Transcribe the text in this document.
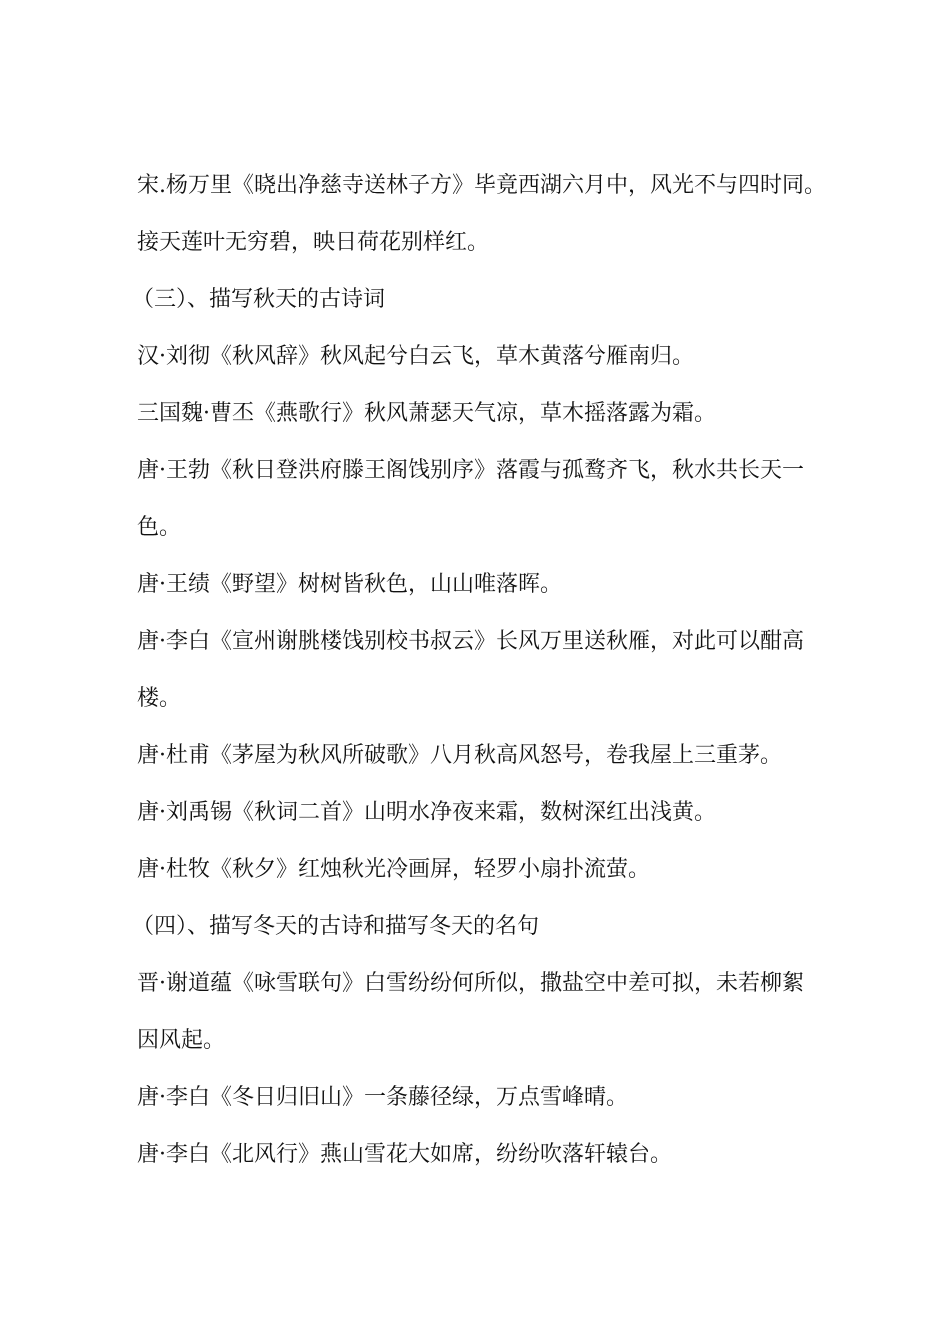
宋.杨万里《晓出净慈寺送林子方》毕竟西湖六月中，风光不与四时同。
接天莲叶无穷碧，映日荷花别样红。
（三）、描写秋天的古诗词
汉·刘彻《秋风辞》秋风起兮白云飞，草木黄落兮雁南归。
三国魏·曹丕《燕歌行》秋风萧瑟天气凉，草木摇落露为霜。
唐·王勃《秋日登洪府滕王阁饯别序》落霞与孤鹜齐飞，秋水共长天一
色。
唐·王绩《野望》树树皆秋色，山山唯落晖。
唐·李白《宣州谢朓楼饯别校书叔云》长风万里送秋雁，对此可以酣高
楼。
唐·杜甫《茅屋为秋风所破歌》八月秋高风怒号，卷我屋上三重茅。
唐·刘禹锡《秋词二首》山明水净夜来霜，数树深红出浅黄。
唐·杜牧《秋夕》红烛秋光冷画屏，轻罗小扇扑流萤。
（四）、描写冬天的古诗和描写冬天的名句
晋·谢道蕴《咏雪联句》白雪纷纷何所似，撒盐空中差可拟，未若柳絮
因风起。
唐·李白《冬日归旧山》一条藤径绿，万点雪峰晴。
唐·李白《北风行》燕山雪花大如席，纷纷吹落轩辕台。
